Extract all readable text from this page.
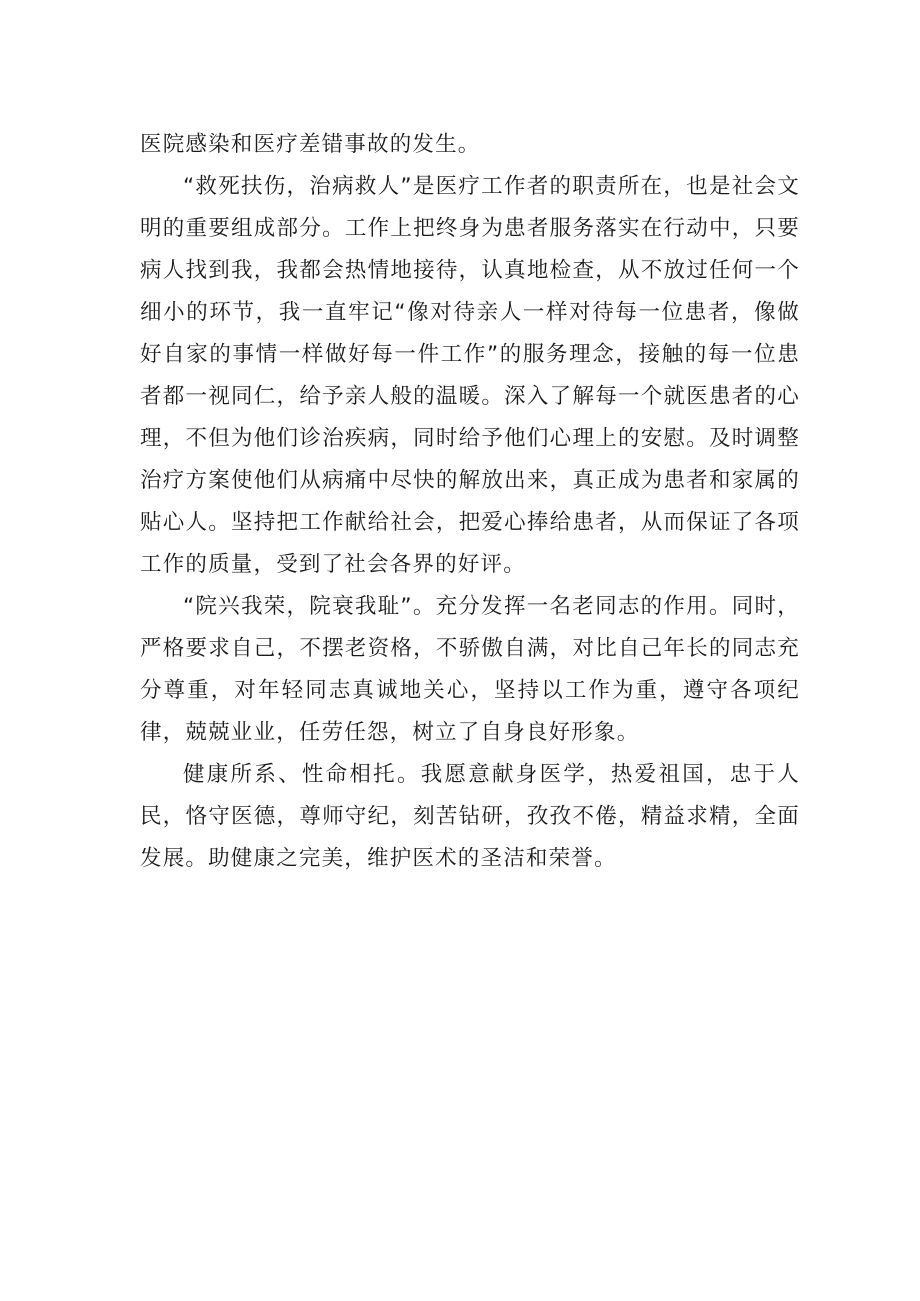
医院感染和医疗差错事故的发生。

“救死扶伤，治病救人”是医疗工作者的职责所在，也是社会文明的重要组成部分。工作上把终身为患者服务落实在行动中，只要病人找到我，我都会热情地接待，认真地检查，从不放过任何一个细小的环节，我一直牢记“像对待亲人一样对待每一位患者，像做好自家的事情一样做好每一件工作”的服务理念，接触的每一位患者都一视同仁，给予亲人般的温暖。深入了解每一个就医患者的心理，不但为他们诊治疾病，同时给予他们心理上的安慰。及时调整治疗方案使他们从病痛中尽快的解放出来，真正成为患者和家属的贴心人。坚持把工作献给社会，把爱心捧给患者，从而保证了各项工作的质量，受到了社会各界的好评。

“院兴我荣，院衰我耻”。充分发挥一名老同志的作用。同时，严格要求自己，不摆老资格，不骄傲自满，对比自己年长的同志充分尊重，对年轻同志真诚地关心，坚持以工作为重，遵守各项纪律，兢兢业业，任劳任怨，树立了自身良好形象。

健康所系、性命相托。我愿意献身医学，热爱祖国，忠于人民，恪守医德，尊师守纪，刻苦钻研，孜孜不倦，精益求精，全面发展。助健康之完美，维护医术的圣洁和荣誉。
